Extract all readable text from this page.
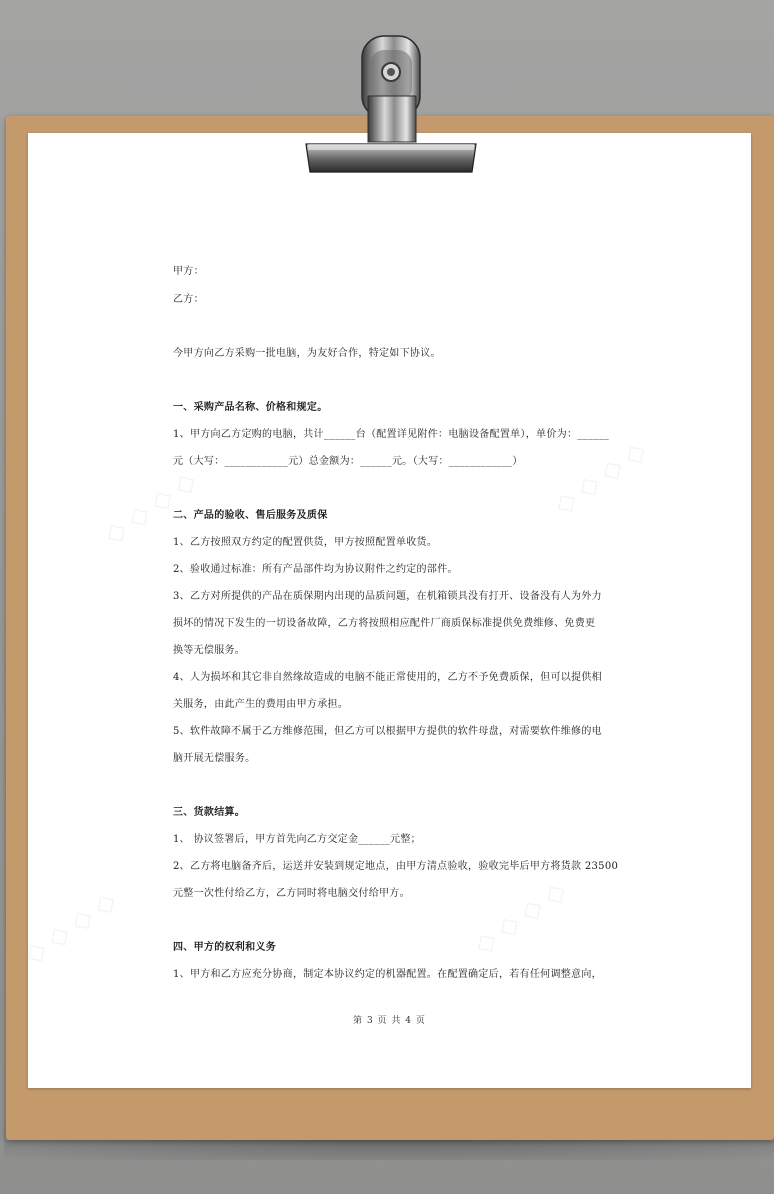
◇ ◇ ◇ ◇	◇ ◇ ◇ ◇
◇ ◇ ◇ ◇	◇ ◇ ◇ ◇
甲方：
乙方：
今甲方向乙方采购一批电脑，为友好合作，特定如下协议。
一、采购产品名称、价格和规定。
1、甲方向乙方定购的电脑，共计______台（配置详见附件：电脑设备配置单），单价为：______
元（大写：____________元）总金额为：______元。（大写：____________）
二、产品的验收、售后服务及质保
1、乙方按照双方约定的配置供货，甲方按照配置单收货。
2、验收通过标准：所有产品部件均为协议附件之约定的部件。
3、乙方对所提供的产品在质保期内出现的品质问题，在机箱锁具没有打开、设备没有人为外力
损坏的情况下发生的一切设备故障，乙方将按照相应配件厂商质保标准提供免费维修、免费更
换等无偿服务。
4、人为损坏和其它非自然缘故造成的电脑不能正常使用的，乙方不予免费质保，但可以提供相
关服务，由此产生的费用由甲方承担。
5、软件故障不属于乙方维修范围，但乙方可以根据甲方提供的软件母盘，对需要软件维修的电
脑开展无偿服务。
三、货款结算。
1、 协议签署后，甲方首先向乙方交定金______元整；
2、乙方将电脑备齐后，运送并安装到规定地点，由甲方清点验收，验收完毕后甲方将货款 23500
元整一次性付给乙方，乙方同时将电脑交付给甲方。
四、甲方的权利和义务
1、甲方和乙方应充分协商，制定本协议约定的机器配置。在配置确定后，若有任何调整意向，
第 3 页 共 4 页
